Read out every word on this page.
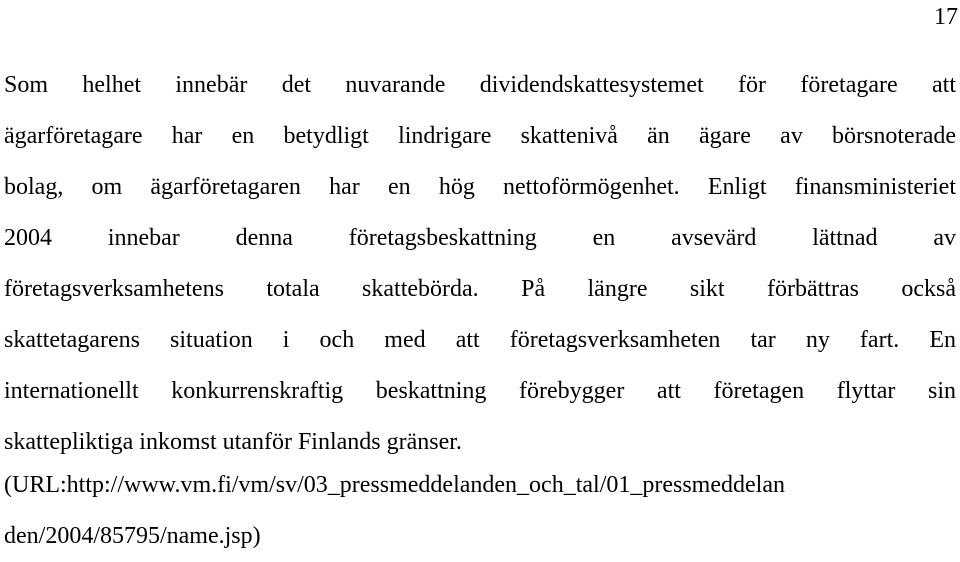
17
Som helhet innebär det nuvarande dividendskattesystemet för företagare att
ägarföretagare har en betydligt lindrigare skattenivå än ägare av börsnoterade
bolag, om ägarföretagaren har en hög nettoförmögenhet. Enligt finansministeriet
2004 innebar denna företagsbeskattning en avsevärd lättnad av
företagsverksamhetens totala skattebörda. På längre sikt förbättras också
skattetagarens situation i och med att företagsverksamheten tar ny fart. En
internationellt konkurrenskraftig beskattning förebygger att företagen flyttar sin
skattepliktiga inkomst utanför Finlands gränser.
(URL:http://www.vm.fi/vm/sv/03_pressmeddelanden_och_tal/01_pressmeddelan
den/2004/85795/name.jsp)
